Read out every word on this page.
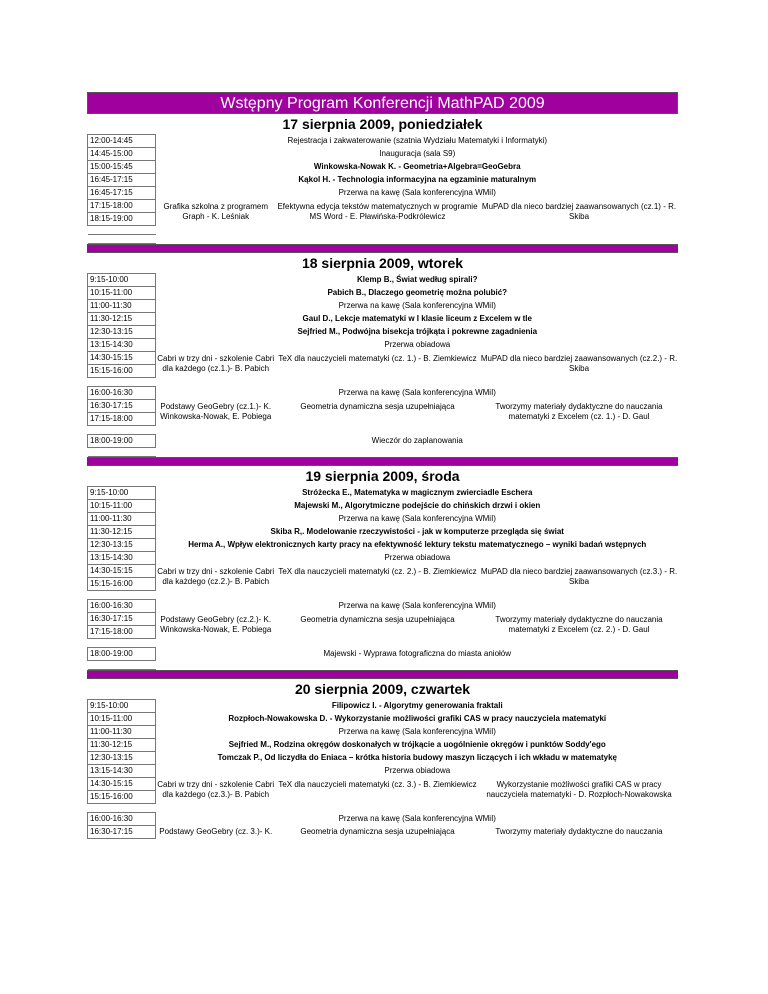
Wstępny Program Konferencji MathPAD 2009
17 sierpnia 2009, poniedziałek
12:00-14:45	Rejestracja i zakwaterowanie (szatnia Wydziału Matematyki i Informatyki)		
14:45-15:00	Inauguracja (sala S9)		
15:00-15:45	Winkowska-Nowak K. - Geometria+Algebra=GeoGebra		
16:45-17:15	Kąkol H. - Technologia informacyjna na egzaminie maturalnym		
16:45-17:15	Przerwa na kawę (Sala konferencyjna WMiI)		
17:15-18:00	Grafika szkolna z programem Graph - K. Leśniak	Efektywna edycja tekstów matematycznych w programie MS Word - E. Pławińska-Podkrólewicz	MuPAD dla nieco bardziej zaawansowanych (cz.1) - R. Skiba
18:15-19:00			

18 sierpnia 2009, wtorek
9:15-10:00	Klemp B., Świat według spirali?		
10:15-11:00	Pabich B., Dlaczego geometrię można polubić?		
11:00-11:30	Przerwa na kawę (Sala konferencyjna WMiI)		
11:30-12:15	Gaul D., Lekcje matematyki w I klasie liceum z Excelem w tle		
12:30-13:15	Sejfried M., Podwójna bisekcja trójkąta i pokrewne zagadnienia		
13:15-14:30	Przerwa obiadowa		
14:30-15:15	Cabri w trzy dni - szkolenie Cabri dla każdego (cz.1.)- B. Pabich	TeX dla nauczycieli matematyki (cz. 1.) - B. Ziemkiewicz	MuPAD dla nieco bardziej zaawansowanych (cz.2.) - R. Skiba
15:15-16:00			

16:00-16:30	Przerwa na kawę (Sala konferencyjna WMiI)		
16:30-17:15	Podstawy GeoGebry (cz.1.)- K. Winkowska-Nowak, E. Pobiega	Geometria dynamiczna sesja uzupełniająca	Tworzymy materiały dydaktyczne do nauczania matematyki z Excelem (cz. 1.) - D. Gaul
17:15-18:00			

18:00-19:00	Wieczór do zaplanowania		

19 sierpnia 2009, środa
9:15-10:00	Stróżecka E., Matematyka w magicznym zwierciadle Eschera		
10:15-11:00	Majewski M., Algorytmiczne podejście do chińskich drzwi i okien		
11:00-11:30	Przerwa na kawę (Sala konferencyjna WMiI)		
11:30-12:15	Skiba R,. Modelowanie rzeczywistości - jak w komputerze przegląda się świat		
12:30-13:15	Herma A., Wpływ elektronicznych karty pracy na efektywność lektury tekstu matematycznego – wyniki badań wstępnych		
13:15-14:30	Przerwa obiadowa		
14:30-15:15	Cabri w trzy dni - szkolenie Cabri dla każdego (cz.2.)- B. Pabich	TeX dla nauczycieli matematyki (cz. 2.) - B. Ziemkiewicz	MuPAD dla nieco bardziej zaawansowanych (cz.3.) - R. Skiba
15:15-16:00			

16:00-16:30	Przerwa na kawę (Sala konferencyjna WMiI)		
16:30-17:15	Podstawy GeoGebry (cz.2.)- K. Winkowska-Nowak, E. Pobiega	Geometria dynamiczna sesja uzupełniająca	Tworzymy materiały dydaktyczne do nauczania matematyki z Excelem (cz. 2.) - D. Gaul
17:15-18:00			

18:00-19:00	Majewski - Wyprawa fotograficzna do miasta aniołów		

20 sierpnia 2009, czwartek
9:15-10:00	Filipowicz I. - Algorytmy generowania fraktali		
10:15-11:00	Rozpłoch-Nowakowska D. - Wykorzystanie możliwości grafiki CAS w pracy nauczyciela matematyki		
11:00-11:30	Przerwa na kawę (Sala konferencyjna WMiI)		
11:30-12:15	Sejfried M., Rodzina okręgów doskonałych w trójkącie a uogólnienie okręgów i punktów Soddy'ego		
12:30-13:15	Tomczak P., Od liczydła do Eniaca – krótka historia budowy maszyn liczących i ich wkładu w matematykę		
13:15-14:30	Przerwa obiadowa		
14:30-15:15	Cabri w trzy dni - szkolenie Cabri dla każdego (cz.3.)- B. Pabich	TeX dla nauczycieli matematyki (cz. 3.) - B. Ziemkiewicz	Wykorzystanie możliwości grafiki CAS w pracy nauczyciela matematyki - D. Rozpłoch-Nowakowska
15:15-16:00			

16:00-16:30	Przerwa na kawę (Sala konferencyjna WMiI)		
16:30-17:15	Podstawy GeoGebry (cz. 3.)- K.	Geometria dynamiczna sesja uzupełniająca	Tworzymy materiały dydaktyczne do nauczania
